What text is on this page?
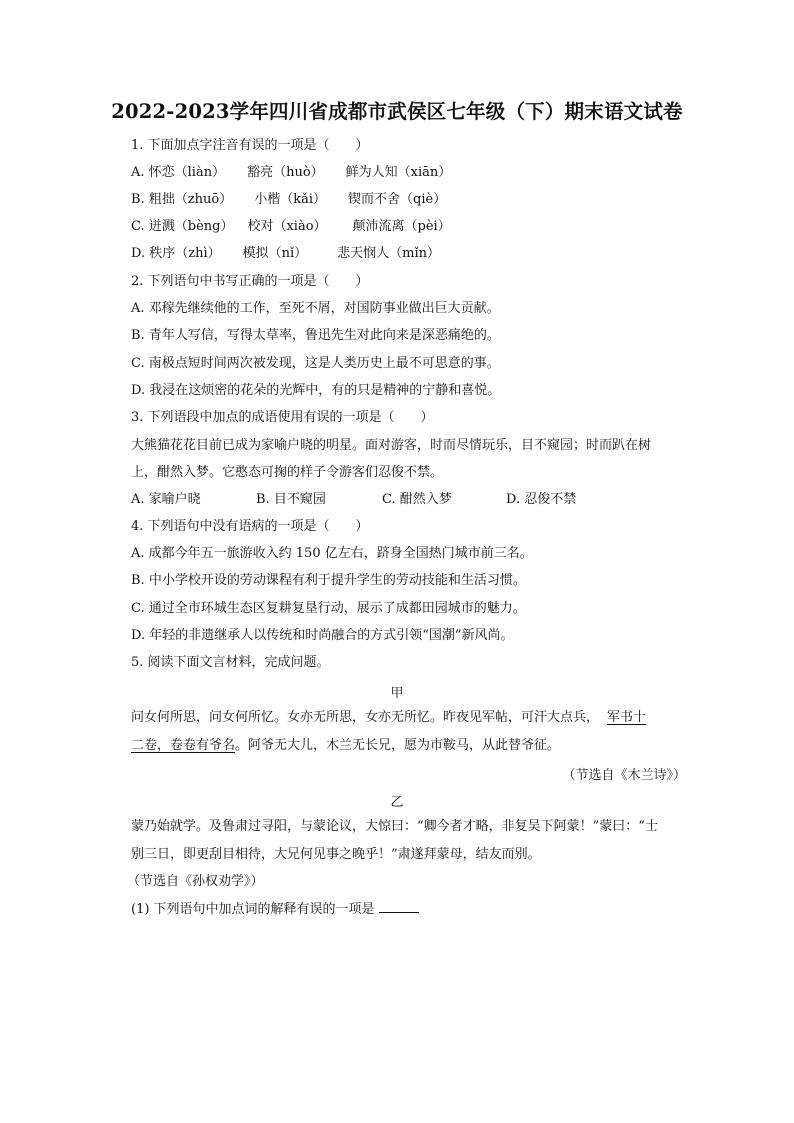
2022-2023学年四川省成都市武侯区七年级（下）期末语文试卷
1. 下面加点字注音有误的一项是（　　）
A. 怀恋（liàn） 豁亮（huò） 鲜为人知（xiān）
B. 粗拙（zhuō） 小楷（kǎi） 锲而不舍（qiè）
C. 迸溅（bèng） 校对（xiào） 颠沛流离（pèi）
D. 秩序（zhì） 模拟（nǐ） 悲天悯人（mǐn）
2. 下列语句中书写正确的一项是（　　）
A. 邓稼先继续他的工作，至死不屑，对国防事业做出巨大贡献。
B. 青年人写信，写得太草率，鲁迅先生对此向来是深恶痛绝的。
C. 南极点短时间两次被发现，这是人类历史上最不可思意的事。
D. 我浸在这烦密的花朵的光辉中，有的只是精神的宁静和喜悦。
3. 下列语段中加点的成语使用有误的一项是（　　）
大熊猫花花目前已成为家喻户晓的明星。面对游客，时而尽情玩乐，目不窥园；时而趴在树
上，酣然入梦。它憨态可掬的样子令游客们忍俊不禁。
A. 家喻户晓	B. 目不窥园	C. 酣然入梦	D. 忍俊不禁
4. 下列语句中没有语病的一项是（　　）
A. 成都今年五一旅游收入约 150 亿左右，跻身全国热门城市前三名。
B. 中小学校开设的劳动课程有利于提升学生的劳动技能和生活习惯。
C. 通过全市环城生态区复耕复垦行动，展示了成都田园城市的魅力。
D. 年轻的非遗继承人以传统和时尚融合的方式引领“国潮”新风尚。
5. 阅读下面文言材料，完成问题。
甲
问女何所思，问女何所忆。女亦无所思，女亦无所忆。昨夜见军帖，可汗大点兵， 军书十
二卷，卷卷有爷名。阿爷无大儿，木兰无长兄，愿为市鞍马，从此替爷征。
（节选自《木兰诗》）
乙
蒙乃始就学。及鲁肃过寻阳，与蒙论议，大惊曰：“卿今者才略，非复吴下阿蒙！”蒙曰：“士
别三日，即更刮目相待，大兄何见事之晚乎！”肃遂拜蒙母，结友而别。
（节选自《孙权劝学》）
(1) 下列语句中加点词的解释有误的一项是
